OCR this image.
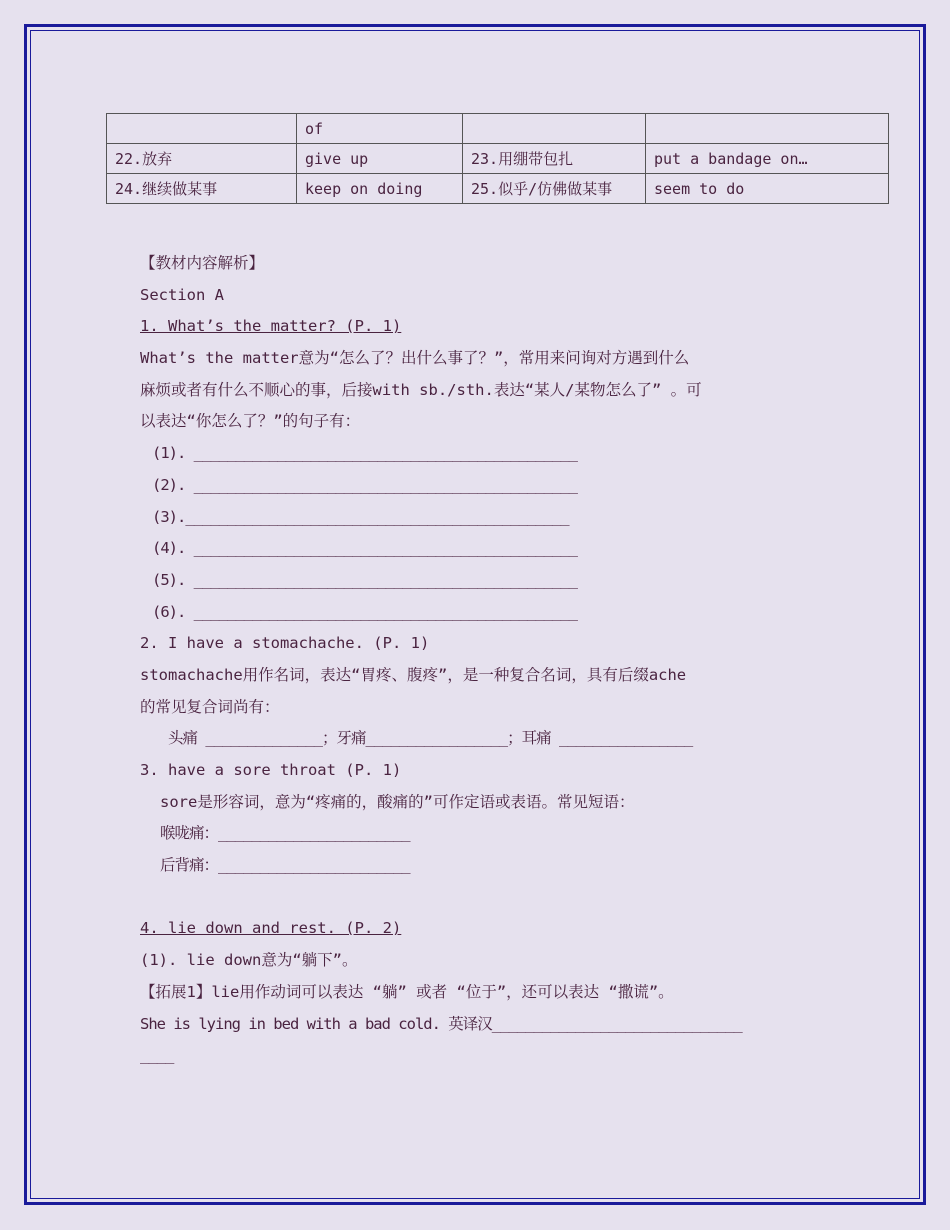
	of		
22.放弃	give up	23.用绷带包扎	put a bandage on…
24.继续做某事	keep on doing	25.似乎/仿佛做某事	seem to do
【教材内容解析】
Section A
1. What’s the matter? (P. 1)
What’s the matter意为“怎么了？出什么事了？”，常用来问询对方遇到什么
麻烦或者有什么不顺心的事，后接with sb./sth.表达“某人/某物怎么了” 。可
以表达“你怎么了？”的句子有：
(1). ______________________________________________
(2). ______________________________________________
(3).______________________________________________
(4). ______________________________________________
(5). ______________________________________________
(6). ______________________________________________
2. I have a stomachache. (P. 1)
stomachache用作名词，表达“胃疼、腹疼”，是一种复合名词，具有后缀ache
的常见复合词尚有：
头痛 ______________；牙痛_________________；耳痛 ________________
3. have a sore throat (P. 1)
sore是形容词，意为“疼痛的，酸痛的”可作定语或表语。常见短语：
喉咙痛：_______________________
后背痛：_______________________
4. lie down and rest. (P. 2)
(1). lie down意为“躺下”。
【拓展1】lie用作动词可以表达 “躺” 或者 “位于”，还可以表达 “撒谎”。
She is lying in bed with a bad cold. 英译汉______________________________
____
